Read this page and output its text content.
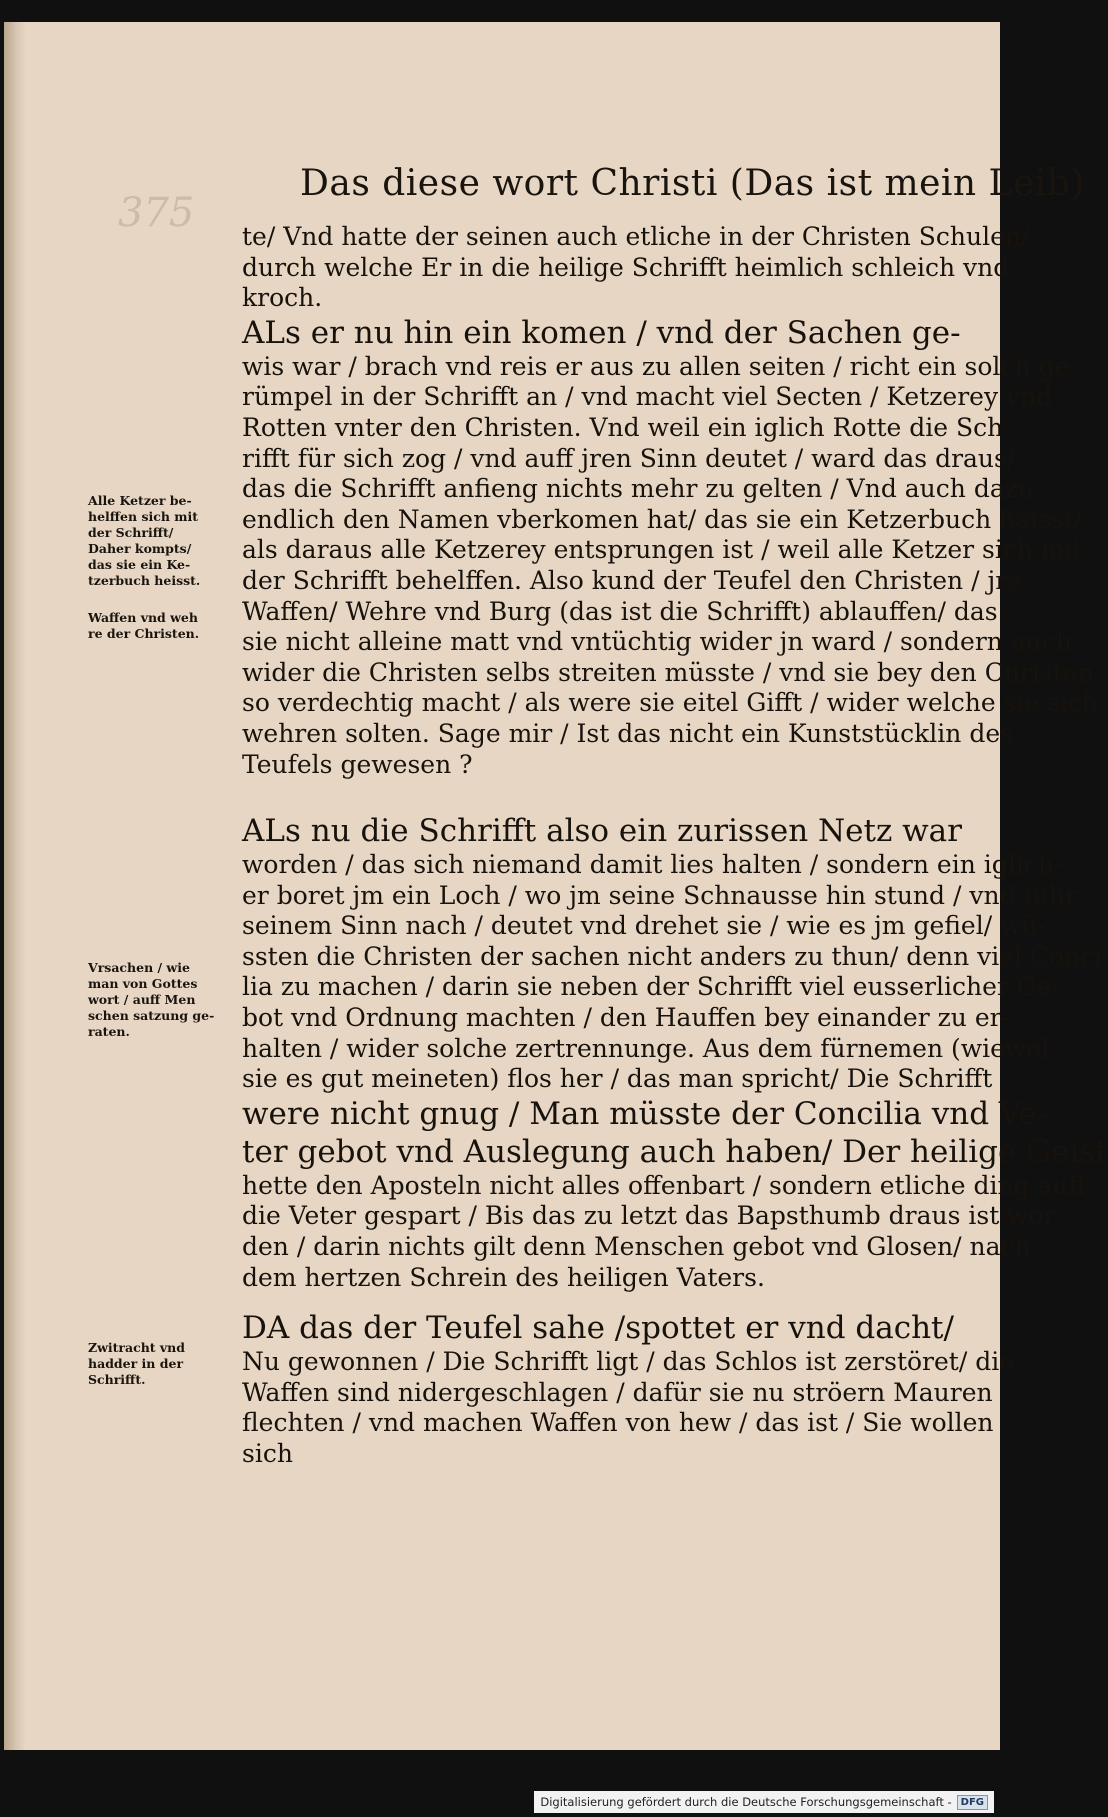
375
Das diese wort Christi (Das ist mein Leib)

te/ Vnd hatte der seinen auch etliche in der Christen Schulen/

durch welche Er in die heilige Schrifft heimlich schleich vnd

kroch.

ALs er nu hin ein komen / vnd der Sachen ge-

wis war / brach vnd reis er aus zu allen seiten / richt ein solch ge-

rümpel in der Schrifft an / vnd macht viel Secten / Ketzerey vnd

Rotten vnter den Christen. Vnd weil ein iglich Rotte die Sch-

rifft für sich zog / vnd auff jren Sinn deutet / ward das draus/

das die Schrifft anfieng nichts mehr zu gelten / Vnd auch dazu

endlich den Namen vberkomen hat/ das sie ein Ketzerbuch heisst/

als daraus alle Ketzerey entsprungen ist / weil alle Ketzer sich mit

der Schrifft behelffen. Also kund der Teufel den Christen / jre

Waffen/ Wehre vnd Burg (das ist die Schrifft) ablauffen/ das

sie nicht alleine matt vnd vntüchtig wider jn ward / sondern auch

wider die Christen selbs streiten müsste / vnd sie bey den Christen

so verdechtig macht / als were sie eitel Gifft / wider welche sie sich

wehren solten. Sage mir / Ist das nicht ein Kunststücklin des

Teufels gewesen ?

ALs nu die Schrifft also ein zurissen Netz war

worden / das sich niemand damit lies halten / sondern ein iglich-

er boret jm ein Loch / wo jm seine Schnausse hin stund / vnd fuhr

seinem Sinn nach / deutet vnd drehet sie / wie es jm gefiel/ wü-

ssten die Christen der sachen nicht anders zu thun/ denn viel Conci

lia zu machen / darin sie neben der Schrifft viel eusserlicher Ge-

bot vnd Ordnung machten / den Hauffen bey einander zu er-

halten / wider solche zertrennunge. Aus dem fürnemen (wiewol

sie es gut meineten) flos her / das man spricht/ Die Schrifft

were nicht gnug / Man müsste der Concilia vnd Ve-

ter gebot vnd Auslegung auch haben/ Der heilige Geist

hette den Aposteln nicht alles offenbart / sondern etliche ding auff

die Veter gespart / Bis das zu letzt das Bapsthumb draus ist wor

den / darin nichts gilt denn Menschen gebot vnd Glosen/ nach

dem hertzen Schrein des heiligen Vaters.

DA das der Teufel sahe /spottet er vnd dacht/

Nu gewonnen / Die Schrifft ligt / das Schlos ist zerstöret/ die

Waffen sind nidergeschlagen / dafür sie nu ströern Mauren

flechten / vnd machen Waffen von hew / das ist / Sie wollen

sich

Alle Ketzer be-
helffen sich mit
der Schrifft/
Daher kompts/
das sie ein Ke-
tzerbuch heisst.
Waffen vnd weh
re der Christen.
Vrsachen / wie
man von Gottes
wort / auff Men
schen satzung ge-
raten.
Zwitracht vnd
hadder in der
Schrifft.
Digitalisierung gefördert durch die Deutsche Forschungsgemeinschaft - DFG
